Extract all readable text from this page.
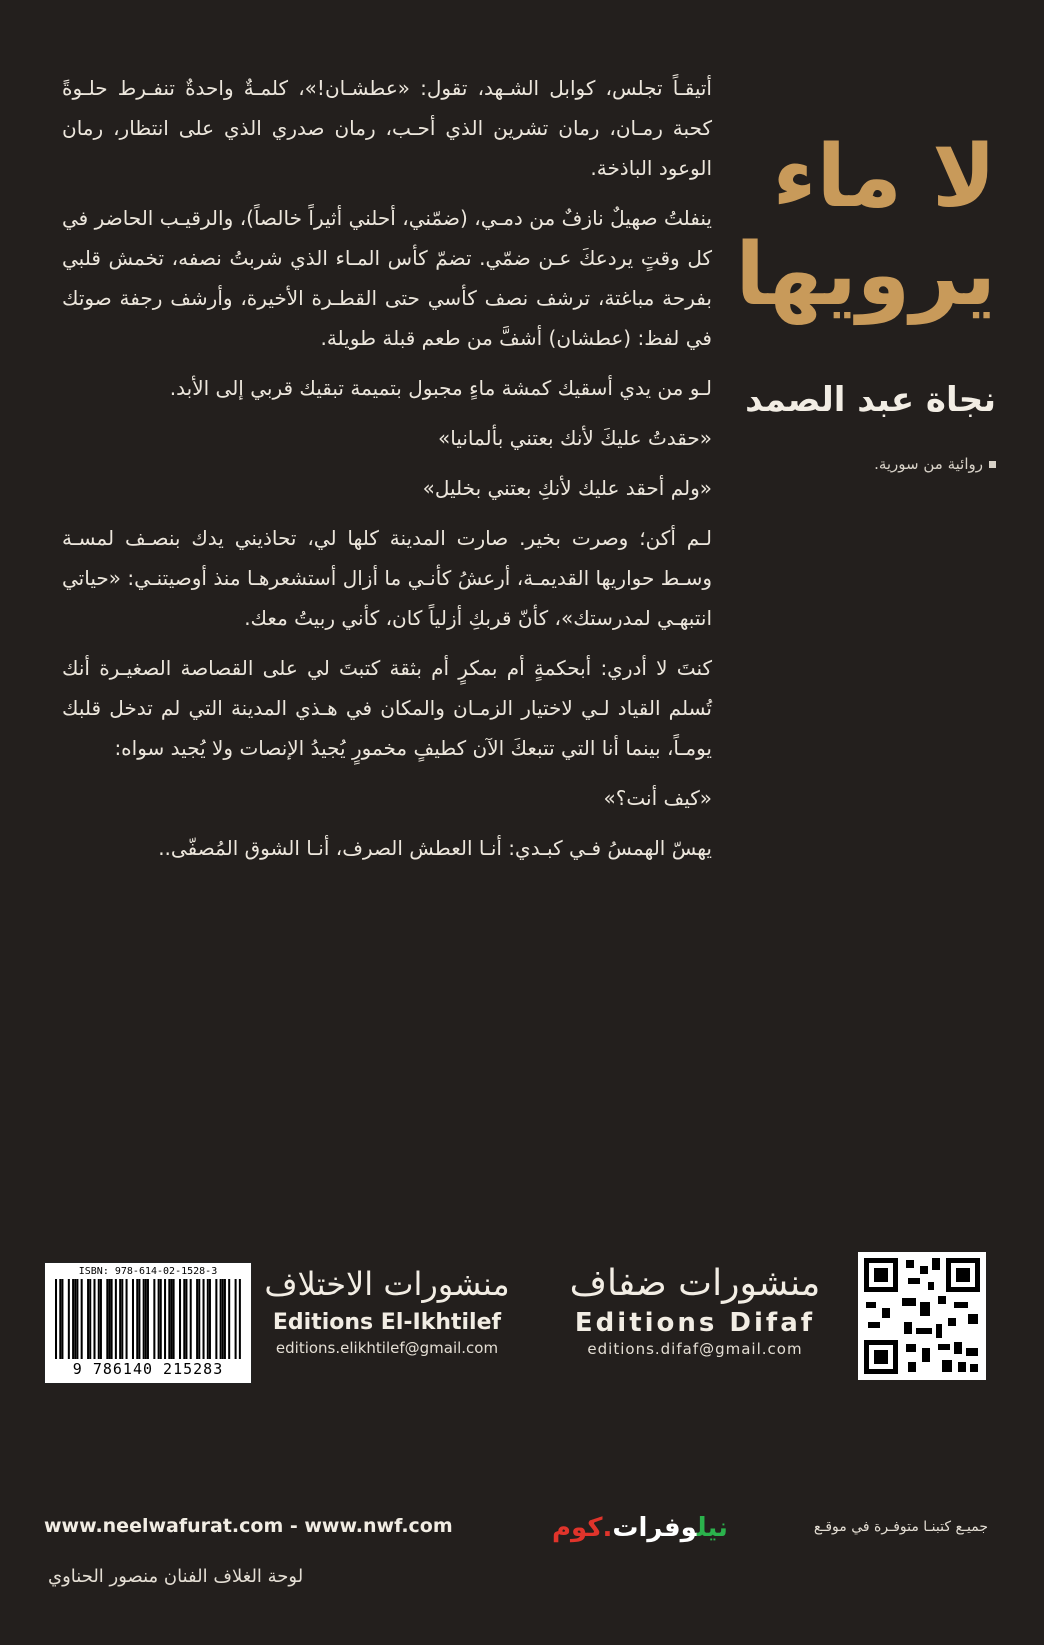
لا ماء
يرويها
نجاة عبد الصمد
روائية من سورية.

أتيقـاً تجلس، كوابل الشـهد، تقول: «عطشـان!»، كلمـةٌ واحدةٌ تنفـرط حلـوةً كحبة رمـان، رمان تشرين الذي أحـب، رمان صدري الذي على انتظار، رمان الوعود الباذخة.

ينفلتُ صهيلٌ نازفٌ من دمـي، (ضمّني، أحلني أثيراً خالصاً)، والرقيـب الحاضر في كل وقتٍ يردعكَ عـن ضمّي. تضمّ كأس المـاء الذي شربتُ نصفه، تخمش قلبي بفرحة مباغتة، ترشف نصف كأسي حتى القطـرة الأخيرة، وأرشف رجفة صوتك في لفظ: (عطشان) أشفَّ من طعم قبلة طويلة.

لـو من يدي أسقيك كمشة ماءٍ مجبول بتميمة تبقيك قربي إلى الأبد.

«حقدتُ عليكَ لأنك بعتني بألمانيا»

«ولم أحقد عليك لأنكِ بعتني بخليل»

لـم أكن؛ وصرت بخير. صارت المدينة كلها لي، تحاذيني يدك بنصـف لمسـة وسـط حواريها القديمـة، أرعشُ كأنـي ما أزال أستشعرهـا منذ أوصيتنـي: «حياتي انتبهـي لمدرستك»، كأنّ قربكِ أزلياً كان، كأني ربيتُ معك.

كنتَ لا أدري: أبحكمةٍ أم بمكرٍ أم بثقة كتبتَ لي على القصاصة الصغيـرة أنك تُسلم القياد لـي لاختيار الزمـان والمكان في هـذي المدينة التي لم تدخل قلبك يومـاً، بينما أنا التي تتبعكَ الآن كطيفٍ مخمورٍ يُجيدُ الإنصات ولا يُجيد سواه:

«كيف أنت؟»

يهسّ الهمسُ فـي كبـدي: أنـا العطش الصرف، أنـا الشوق المُصفّى..

منشورات ضفاف
Editions Difaf
editions.difaf@gmail.com
منشورات الاختلاف
Editions El-Ikhtilef
editions.elikhtilef@gmail.com
ISBN: 978-614-02-1528-3
9 786140 215283
www.neelwafurat.com - www.nwf.com	نيلوفرات.كوم	جميـع كتبنـا متوفـرة في موقـع
لوحة الغلاف الفنان منصور الحناوي
